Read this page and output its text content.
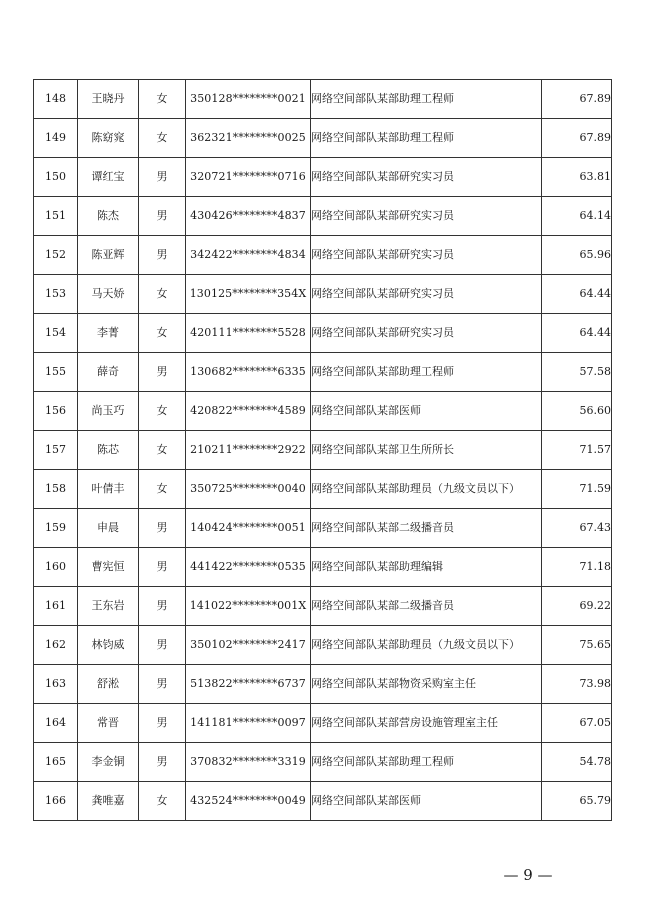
148	王晓丹	女	350128********0021	网络空间部队某部助理工程师	67.89
149	陈窈窕	女	362321********0025	网络空间部队某部助理工程师	67.89
150	谭红宝	男	320721********0716	网络空间部队某部研究实习员	63.81
151	陈杰	男	430426********4837	网络空间部队某部研究实习员	64.14
152	陈亚辉	男	342422********4834	网络空间部队某部研究实习员	65.96
153	马天娇	女	130125********354X	网络空间部队某部研究实习员	64.44
154	李菁	女	420111********5528	网络空间部队某部研究实习员	64.44
155	薛奇	男	130682********6335	网络空间部队某部助理工程师	57.58
156	尚玉巧	女	420822********4589	网络空间部队某部医师	56.60
157	陈芯	女	210211********2922	网络空间部队某部卫生所所长	71.57
158	叶倩丰	女	350725********0040	网络空间部队某部助理员（九级文员以下）	71.59
159	申晨	男	140424********0051	网络空间部队某部二级播音员	67.43
160	曹宪恒	男	441422********0535	网络空间部队某部助理编辑	71.18
161	王东岩	男	141022********001X	网络空间部队某部二级播音员	69.22
162	林钧威	男	350102********2417	网络空间部队某部助理员（九级文员以下）	75.65
163	舒淞	男	513822********6737	网络空间部队某部物资采购室主任	73.98
164	常晋	男	141181********0097	网络空间部队某部营房设施管理室主任	67.05
165	李金铜	男	370832********3319	网络空间部队某部助理工程师	54.78
166	龚唯嘉	女	432524********0049	网络空间部队某部医师	65.79
— 9 —
